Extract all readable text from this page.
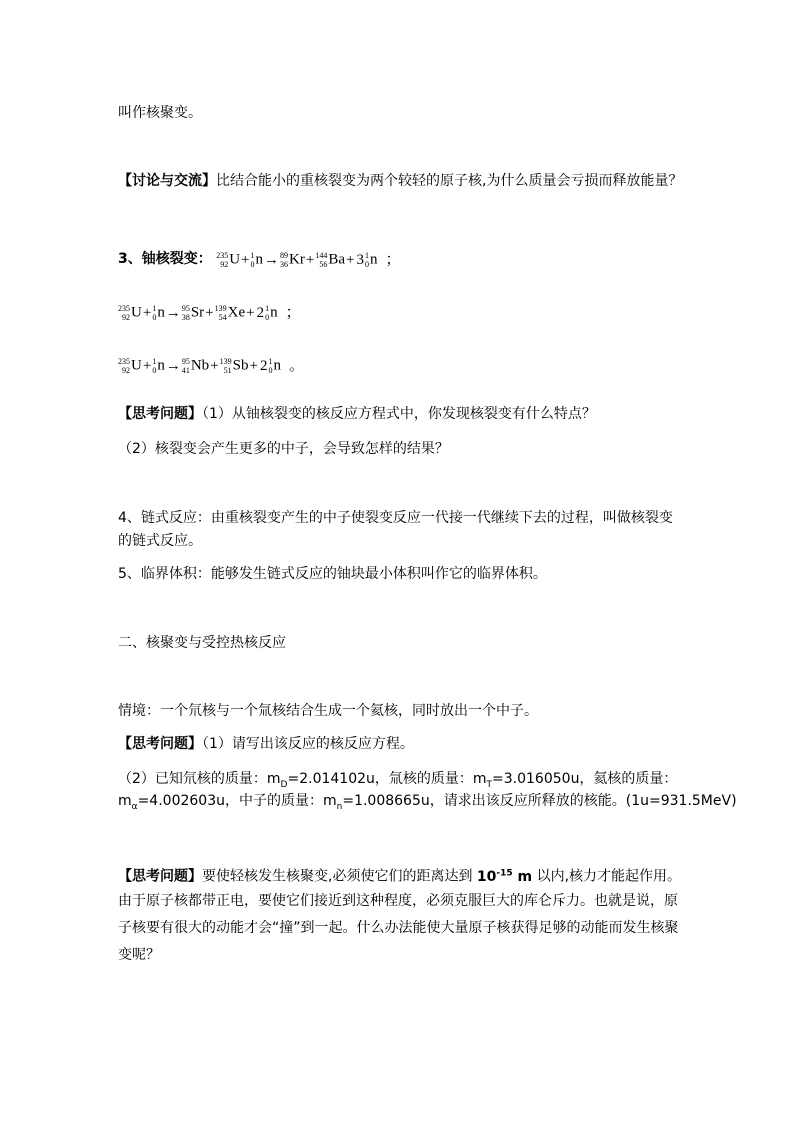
叫作核聚变。
【讨论与交流】比结合能小的重核裂变为两个较轻的原子核,为什么质量会亏损而释放能量？
3、铀核裂变： 235
92 U+ 1
0 n→ 89
36 Kr+ 144
56 Ba+ 3 1
0 n ；
235
92 U+ 1
0 n→ 95
38 Sr+ 139
54 Xe+ 2 1
0 n ；
235
92 U+ 1
0 n→ 95
41 Nb+ 139
51 Sb+ 2 1
0 n 。
【思考问题】（1）从铀核裂变的核反应方程式中，你发现核裂变有什么特点？
（2）核裂变会产生更多的中子，会导致怎样的结果？
4、链式反应：由重核裂变产生的中子使裂变反应一代接一代继续下去的过程，叫做核裂变
的链式反应。
5、临界体积：能够发生链式反应的铀块最小体积叫作它的临界体积。
二、核聚变与受控热核反应
情境：一个氘核与一个氚核结合生成一个氦核，同时放出一个中子。
【思考问题】（1）请写出该反应的核反应方程。
（2）已知氘核的质量：$m_D=2.014102u$，氚核的质量：$m_T=3.016050u$，氦核的质量：
$m_\alpha=4.002603u$，中子的质量：$m_n=1.008665u$，请求出该反应所释放的核能。(1u=931.5MeV)
【思考问题】要使轻核发生核聚变,必须使它们的距离达到 $10^{-15}$ m 以内,核力才能起作用。
由于原子核都带正电，要使它们接近到这种程度，必须克服巨大的库仑斥力。也就是说，原
子核要有很大的动能才会“撞”到一起。什么办法能使大量原子核获得足够的动能而发生核聚
变呢？
